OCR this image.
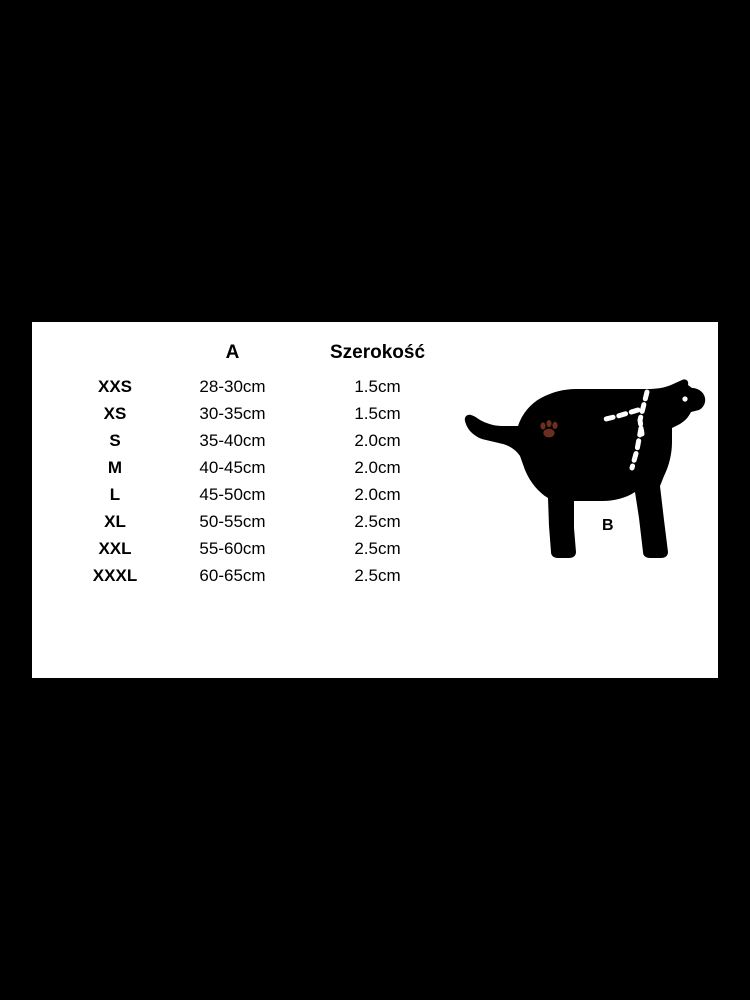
	A	Szerokość
XXS	28-30cm	1.5cm
XS	30-35cm	1.5cm
S	35-40cm	2.0cm
M	40-45cm	2.0cm
L	45-50cm	2.0cm
XL	50-55cm	2.5cm
XXL	55-60cm	2.5cm
XXXL	60-65cm	2.5cm
A
B
